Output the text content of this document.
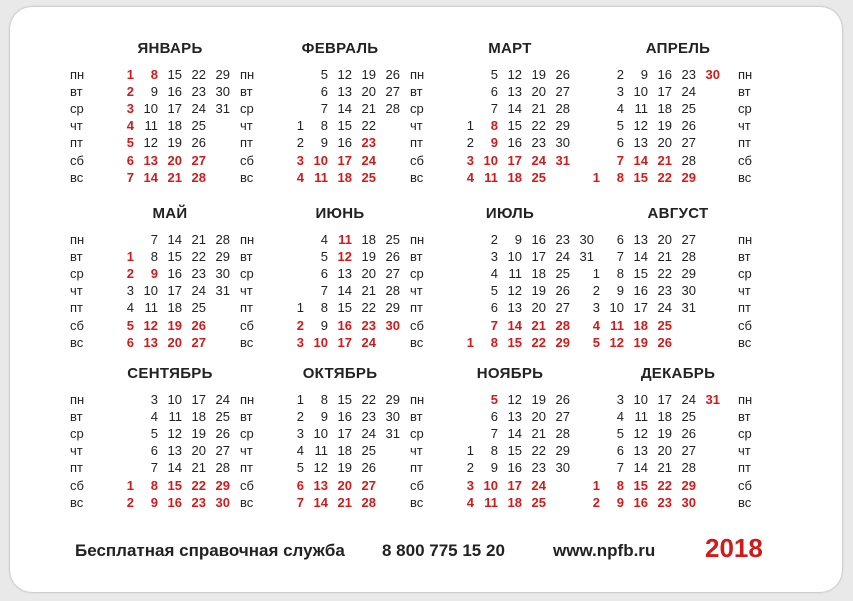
ЯНВАРЬ
пн
вт
ср
чт
пт
сб
вс
1
2
3
4
5
6
7
8
9
10
11
12
13
14
15
16
17
18
19
20
21
22
23
24
25
26
27
28
29
30
31
ФЕВРАЛЬ
пн
вт
ср
чт
пт
сб
вс
1
2
3
4
5
6
7
8
9
10
11
12
13
14
15
16
17
18
19
20
21
22
23
24
25
26
27
28
МАРТ
пн
вт
ср
чт
пт
сб
вс
1
2
3
4
5
6
7
8
9
10
11
12
13
14
15
16
17
18
19
20
21
22
23
24
25
26
27
28
29
30
31
АПРЕЛЬ
пн
вт
ср
чт
пт
сб
вс
1
2
3
4
5
6
7
8
9
10
11
12
13
14
15
16
17
18
19
20
21
22
23
24
25
26
27
28
29
30
МАЙ
пн
вт
ср
чт
пт
сб
вс
1
2
3
4
5
6
7
8
9
10
11
12
13
14
15
16
17
18
19
20
21
22
23
24
25
26
27
28
29
30
31
ИЮНЬ
пн
вт
ср
чт
пт
сб
вс
1
2
3
4
5
6
7
8
9
10
11
12
13
14
15
16
17
18
19
20
21
22
23
24
25
26
27
28
29
30
ИЮЛЬ
пн
вт
ср
чт
пт
сб
вс	1
2
3
4
5
6
7
8
9
10
11
12
13
14
15
16
17
18
19
20
21
22
23
24
25
26
27
28
29
30
31
АВГУСТ
пн
вт
ср
чт
пт
сб
вс
1
2
3
4
5
6
7
8
9
10
11
12
13
14
15
16
17
18
19
20
21
22
23
24
25
26
27
28
29
30
31
СЕНТЯБРЬ
пн
вт
ср
чт
пт
сб
вс
1
2
3
4
5
6
7
8
9
10
11
12
13
14
15
16
17
18
19
20
21
22
23
24
25
26
27
28
29
30
ОКТЯБРЬ
пн
вт
ср
чт
пт
сб
вс
1
2
3
4
5
6
7
8
9
10
11
12
13
14
15
16
17
18
19
20
21
22
23
24
25
26
27
28
29
30
31
НОЯБРЬ
пн
вт
ср
чт
пт
сб
вс
1
2
3
4
5
6
7
8
9
10
11
12
13
14
15
16
17
18
19
20
21
22
23
24
25
26
27
28
29
30
ДЕКАБРЬ
пн
вт
ср
чт
пт
сб
вс
1
2
3
4
5
6
7
8
9
10
11
12
13
14
15
16
17
18
19
20
21
22
23
24
25
26
27
28
29
30
31
Бесплатная справочная служба 8 800 775 15 20	www.npfb.ru 2018
